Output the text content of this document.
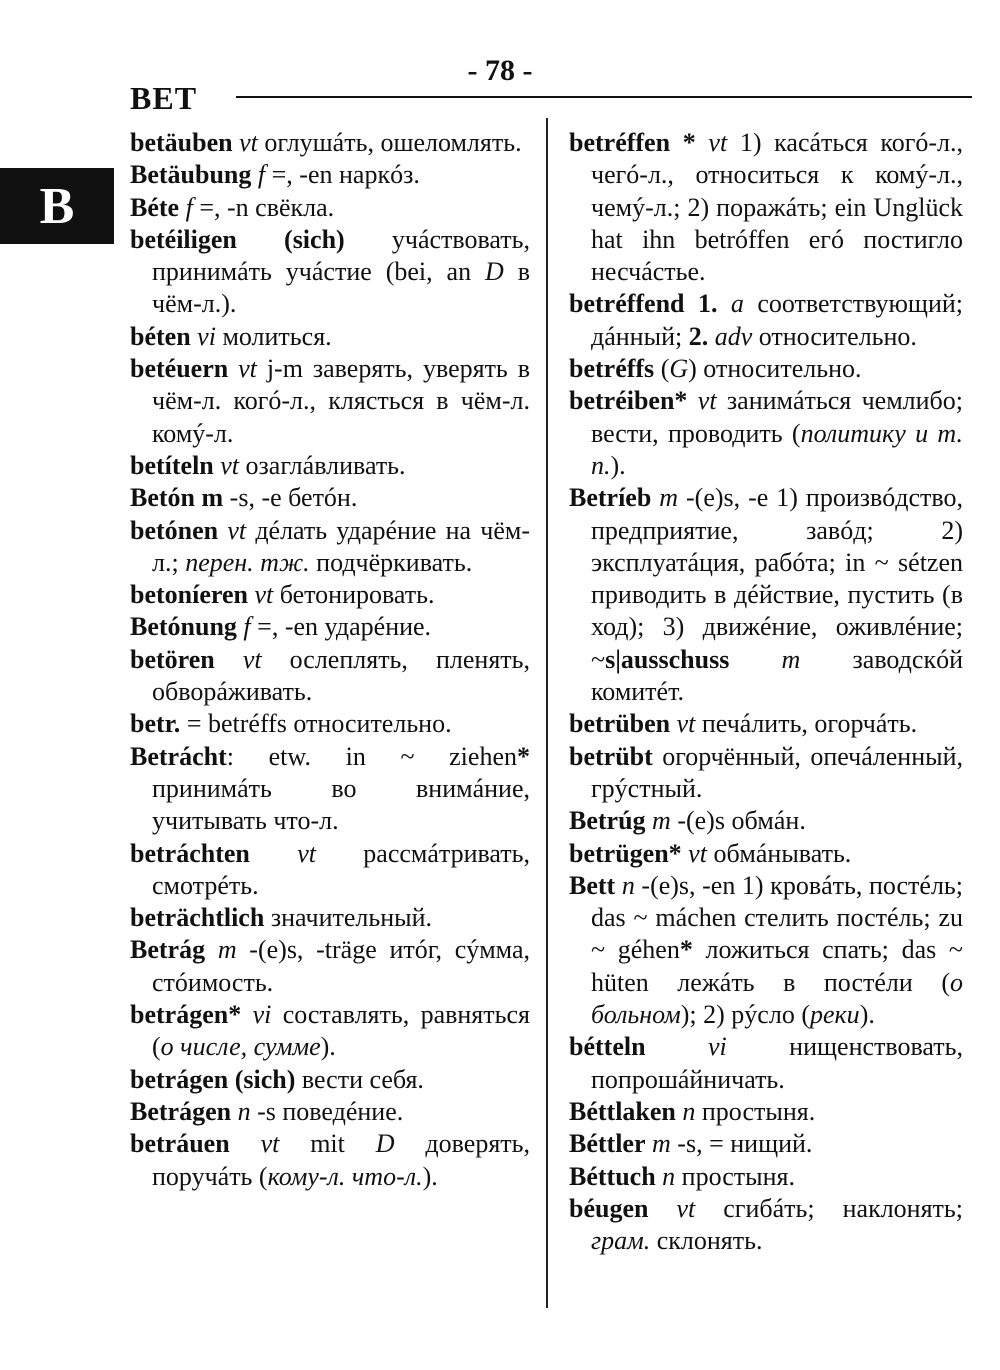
- 78 -
BET
B

betäuben vt оглушáть, ошеломлять.

Betäubung f =, -en наркóз.

Béte f =, -n свёкла.

betéiligen (sich) учáствовать, принимáть учáстие (bei, an D в чём-л.).

béten vi молиться.

betéuern vt j-m заверять, уверять в чём-л. когó-л., клясться в чём-л. комý-л.

betíteln vt озаглáвливать.

Betón m -s, -e бетóн.

betónen vt дéлать ударéние на чём-л.; перен. тж. подчёркивать.

betoníeren vt бетонировать.

Betónung f =, -en ударéние.

betören vt ослеплять, пленять, обворáживать.

betr. = betréffs относительно.

Betrácht: etw. in ~ ziehen* принимáть во внимáние, учитывать что-л.

betráchten vt рассмáтривать, смотрéть.

beträchtlich значительный.

Betrág m -(e)s, -träge итóг, сýмма, стóимость.

betrágen* vi составлять, равняться (о числе, сумме).

betrágen (sich) вести себя.

Betrágen n -s поведéние.

betráuen vt mit D доверять, поручáть (кому-л. что-л.).

betréffen * vt 1) касáться когó-л., чегó-л., относиться к комý-л., чемý-л.; 2) поражáть; ein Unglück hat ihn betróffen егó постигло несчáстье.

betréffend 1. a соответствующий; дáнный; 2. adv относительно.

betréffs (G) относительно.

betréiben* vt занимáться чемлибо; вести, проводить (политику и т. п.).

Betríeb m -(e)s, -e 1) произвóдство, предприятие, завóд; 2) эксплуатáция, рабóта; in ~ sétzen приводить в дéйствие, пустить (в ход); 3) движéние, оживлéние; ~s|ausschuss m заводскóй комитéт.

betrüben vt печáлить, огорчáть.

betrübt огорчённый, опечáленный, грýстный.

Betrúg m -(e)s обмáн.

betrügen* vt обмáнывать.

Bett n -(e)s, -en 1) кровáть, постéль; das ~ máchen стелить постéль; zu ~ géhen* ложиться спать; das ~ hüten лежáть в постéли (о больном); 2) рýсло (реки).

bétteln vi нищенствовать, попрошáйничать.

Béttlaken n простыня.

Béttler m -s, = нищий.

Béttuch n простыня.

béugen vt сгибáть; наклонять; грам. склонять.
